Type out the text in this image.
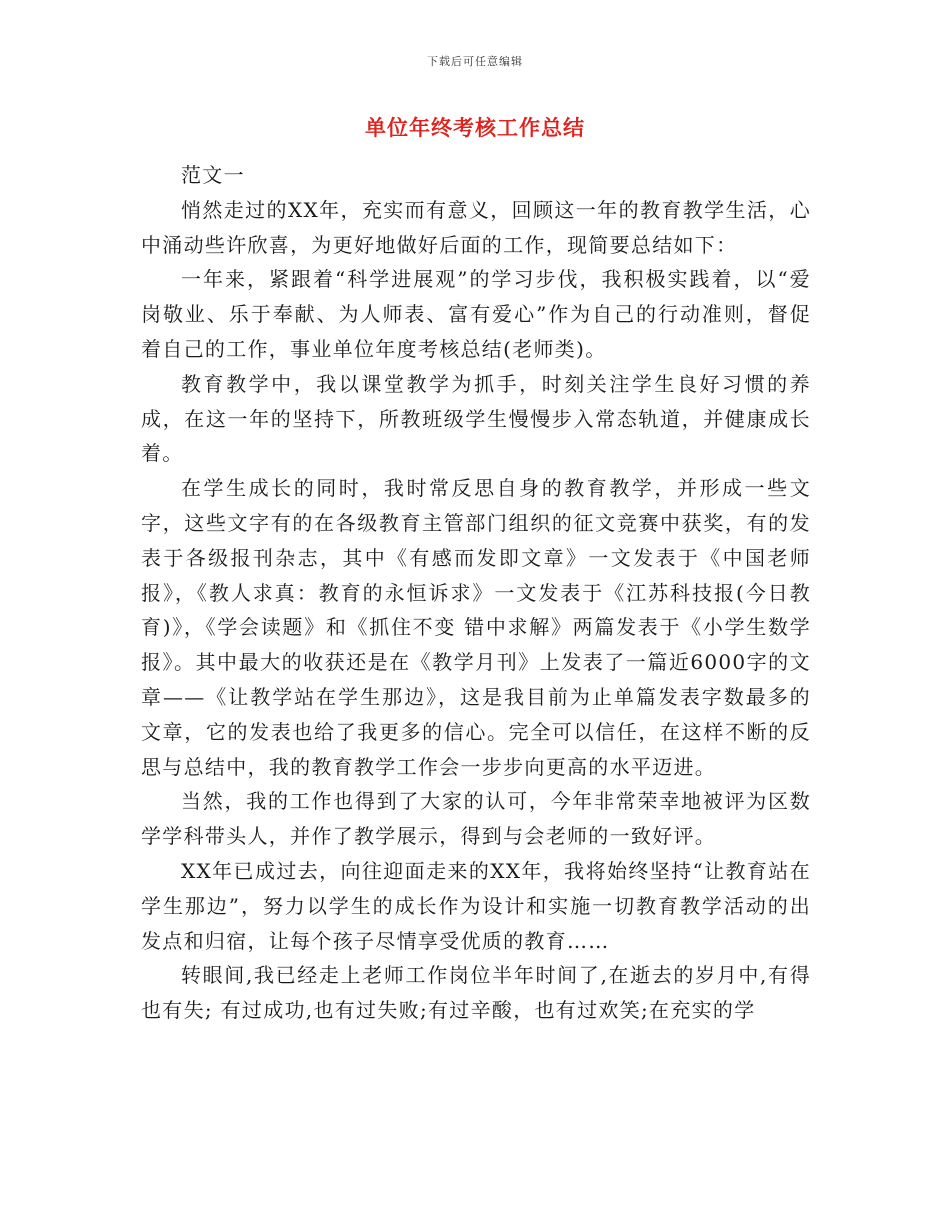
下载后可任意编辑
单位年终考核工作总结

范文一

悄然走过的XX年，充实而有意义，回顾这一年的教育教学生活，心中涌动些许欣喜，为更好地做好后面的工作，现简要总结如下：

一年来，紧跟着“科学进展观”的学习步伐，我积极实践着，以“爱岗敬业、乐于奉献、为人师表、富有爱心”作为自己的行动准则，督促着自己的工作，事业单位年度考核总结(老师类)。

教育教学中，我以课堂教学为抓手，时刻关注学生良好习惯的养成，在这一年的坚持下，所教班级学生慢慢步入常态轨道，并健康成长着。

在学生成长的同时，我时常反思自身的教育教学，并形成一些文字，这些文字有的在各级教育主管部门组织的征文竞赛中获奖，有的发表于各级报刊杂志，其中《有感而发即文章》一文发表于《中国老师报》，《教人求真：教育的永恒诉求》一文发表于《江苏科技报(今日教育)》，《学会读题》和《抓住不变 错中求解》两篇发表于《小学生数学报》。其中最大的收获还是在《教学月刊》上发表了一篇近6000字的文章——《让教学站在学生那边》，这是我目前为止单篇发表字数最多的文章，它的发表也给了我更多的信心。完全可以信任，在这样不断的反思与总结中，我的教育教学工作会一步步向更高的水平迈进。

当然，我的工作也得到了大家的认可，今年非常荣幸地被评为区数学学科带头人，并作了教学展示，得到与会老师的一致好评。

XX年已成过去，向往迎面走来的XX年，我将始终坚持“让教育站在学生那边”，努力以学生的成长作为设计和实施一切教育教学活动的出发点和归宿，让每个孩子尽情享受优质的教育……

转眼间,我已经走上老师工作岗位半年时间了,在逝去的岁月中,有得也有失; 有过成功,也有过失败;有过辛酸，也有过欢笑;在充实的学
